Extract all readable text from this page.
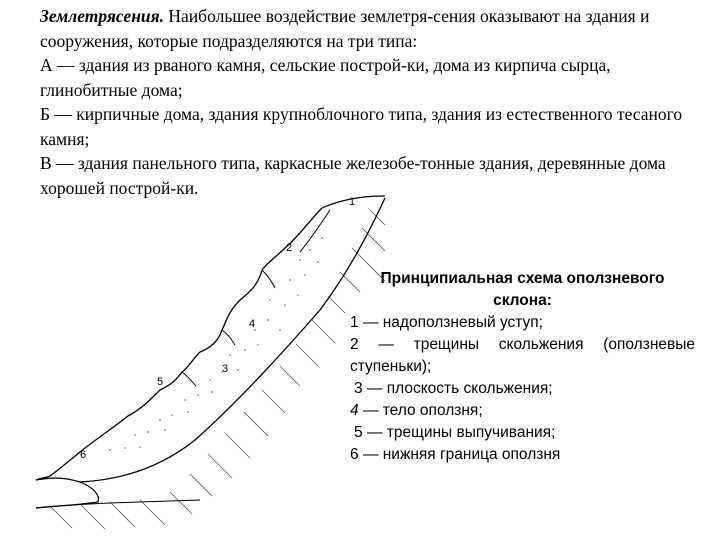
Землетрясения. Наибольшее воздействие землетря-сения оказывают на здания и сооружения, которые подразделяются на три типа:

А — здания из рваного камня, сельские построй-ки, дома из кирпича сырца, глинобитные дома;

Б — кирпичные дома, здания крупноблочного типа, здания из естественного тесаного камня;

В — здания панельного типа, каркасные железобе-тонные здания, деревянные дома хорошей построй-ки.

1
2
3
4
5
6
Принципиальная схема оползневого склона:
1 — надоползневый уступ;
2 — трещины скольжения (оползневые ступеньки);
3 — плоскость скольжения;
4 — тело оползня;
5 — трещины выпучивания;
6 — нижняя граница оползня
